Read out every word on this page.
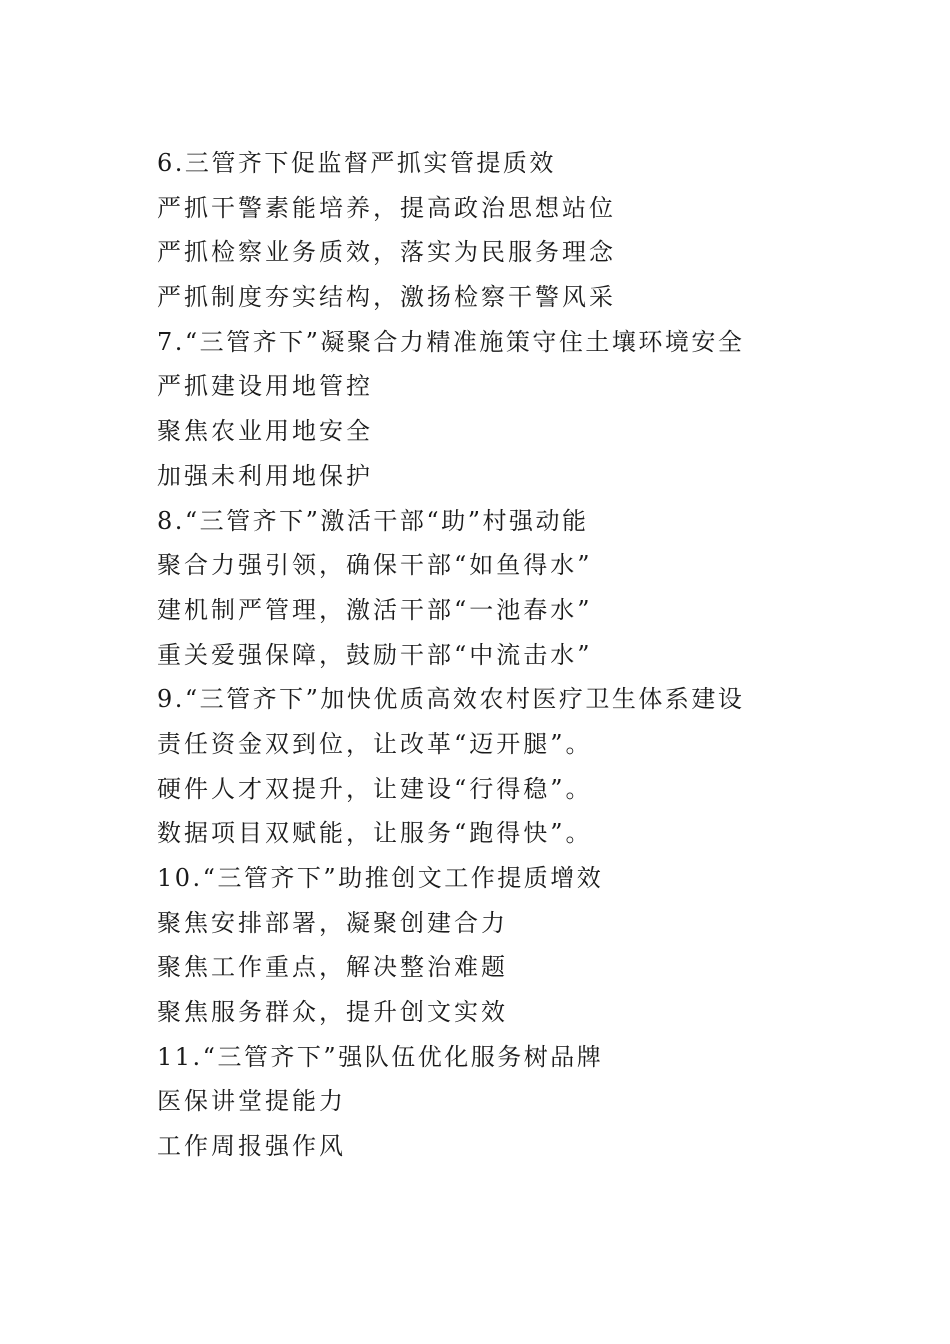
6.三管齐下促监督严抓实管提质效
严抓干警素能培养，提高政治思想站位
严抓检察业务质效，落实为民服务理念
严抓制度夯实结构，激扬检察干警风采
7.“三管齐下”凝聚合力精准施策守住土壤环境安全
严抓建设用地管控
聚焦农业用地安全
加强未利用地保护
8.“三管齐下”激活干部“助”村强动能
聚合力强引领，确保干部“如鱼得水”
建机制严管理，激活干部“一池春水”
重关爱强保障，鼓励干部“中流击水”
9.“三管齐下”加快优质高效农村医疗卫生体系建设
责任资金双到位，让改革“迈开腿”。
硬件人才双提升，让建设“行得稳”。
数据项目双赋能，让服务“跑得快”。
10.“三管齐下”助推创文工作提质增效
聚焦安排部署，凝聚创建合力
聚焦工作重点，解决整治难题
聚焦服务群众，提升创文实效
11.“三管齐下”强队伍优化服务树品牌
医保讲堂提能力
工作周报强作风
